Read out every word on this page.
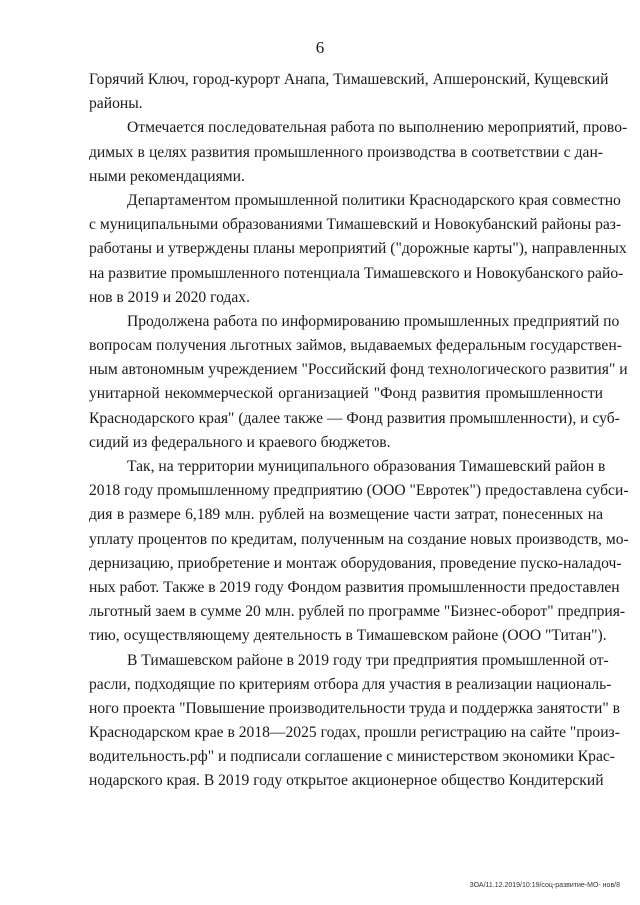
6
Горячий Ключ, город-курорт Анапа, Тимашевский, Апшеронский, Кущевский
районы.
Отмечается последовательная работа по выполнению мероприятий, прово-
димых в целях развития промышленного производства в соответствии с дан-
ными рекомендациями.
Департаментом промышленной политики Краснодарского края совместно
с муниципальными образованиями Тимашевский и Новокубанский районы раз-
работаны и утверждены планы мероприятий ("дорожные карты"), направленных
на развитие промышленного потенциала Тимашевского и Новокубанского райо-
нов в 2019 и 2020 годах.
Продолжена работа по информированию промышленных предприятий по
вопросам получения льготных займов, выдаваемых федеральным государствен-
ным автономным учреждением "Российский фонд технологического развития" и
унитарной некоммерческой организацией "Фонд развития промышленности
Краснодарского края" (далее также — Фонд развития промышленности), и суб-
сидий из федерального и краевого бюджетов.
Так, на территории муниципального образования Тимашевский район в
2018 году промышленному предприятию (ООО "Евротек") предоставлена субси-
дия в размере 6,189 млн. рублей на возмещение части затрат, понесенных на
уплату процентов по кредитам, полученным на создание новых производств, мо-
дернизацию, приобретение и монтаж оборудования, проведение пуско-наладоч-
ных работ. Также в 2019 году Фондом развития промышленности предоставлен
льготный заем в сумме 20 млн. рублей по программе "Бизнес-оборот" предприя-
тию, осуществляющему деятельность в Тимашевском районе (ООО "Титан").
В Тимашевском районе в 2019 году три предприятия промышленной от-
расли, подходящие по критериям отбора для участия в реализации националь-
ного проекта "Повышение производительности труда и поддержка занятости" в
Краснодарском крае в 2018—2025 годах, прошли регистрацию на сайте "произ-
водительность.рф" и подписали соглашение с министерством экономики Крас-
нодарского края. В 2019 году открытое акционерное общество Кондитерский
ЗОА/11.12.2019/10:19/соц-развитие-МО- нов/8
